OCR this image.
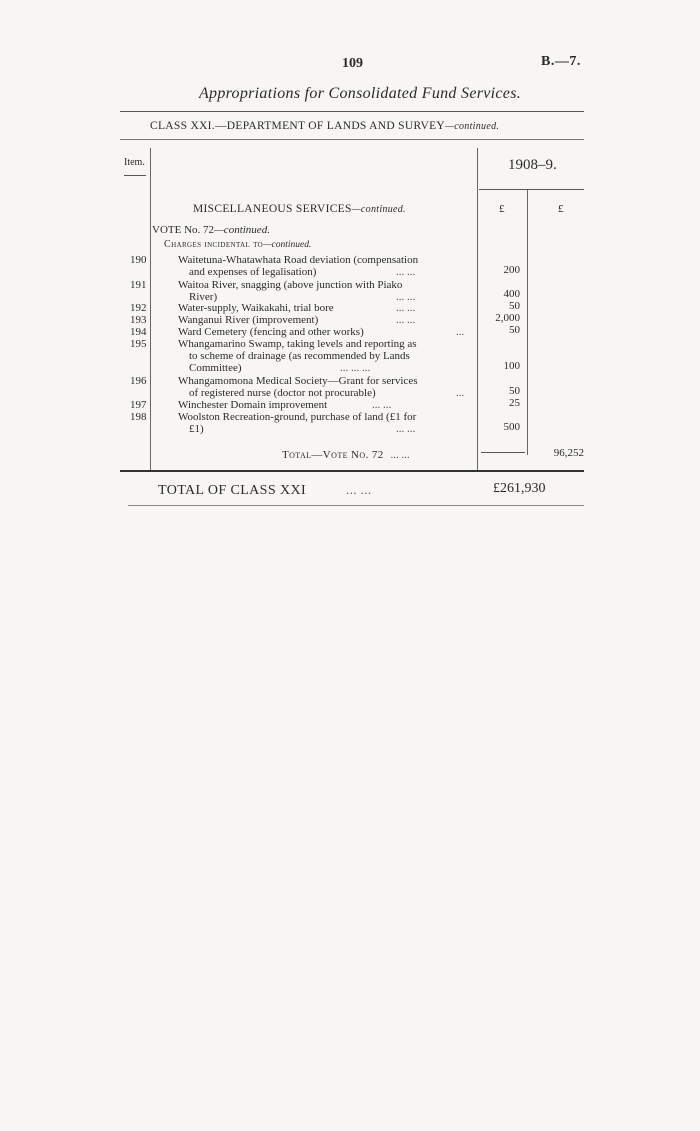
109	B.—7.
Appropriations for Consolidated Fund Services.
CLASS XXI.—DEPARTMENT OF LANDS AND SURVEY—continued.
Item.	1908–9.
MISCELLANEOUS SERVICES—continued.	£	£
VOTE No. 72—continued.
Charges incidental to—continued.
190	Waitetuna-Whatawhata Road deviation (compensation
and expenses of legalisation)	... ...	200
191	Waitoa River, snagging (above junction with Piako
River)	... ...	400
192	Water-supply, Waikakahi, trial bore	... ...	50
193	Wanganui River (improvement)	... ...	2,000
194	Ward Cemetery (fencing and other works)	...	50
195	Whangamarino Swamp, taking levels and reporting as
to scheme of drainage (as recommended by Lands
Committee)	... ... ...	100
196	Whangamomona Medical Society—Grant for services
of registered nurse (doctor not procurable)	...	50
197	Winchester Domain improvement	... ...	25
198	Woolston Recreation-ground, purchase of land (£1 for
£1)	... ...	500
Total—Vote No. 72 ... ...	96,252
TOTAL OF CLASS XXI	... ...	£261,930
